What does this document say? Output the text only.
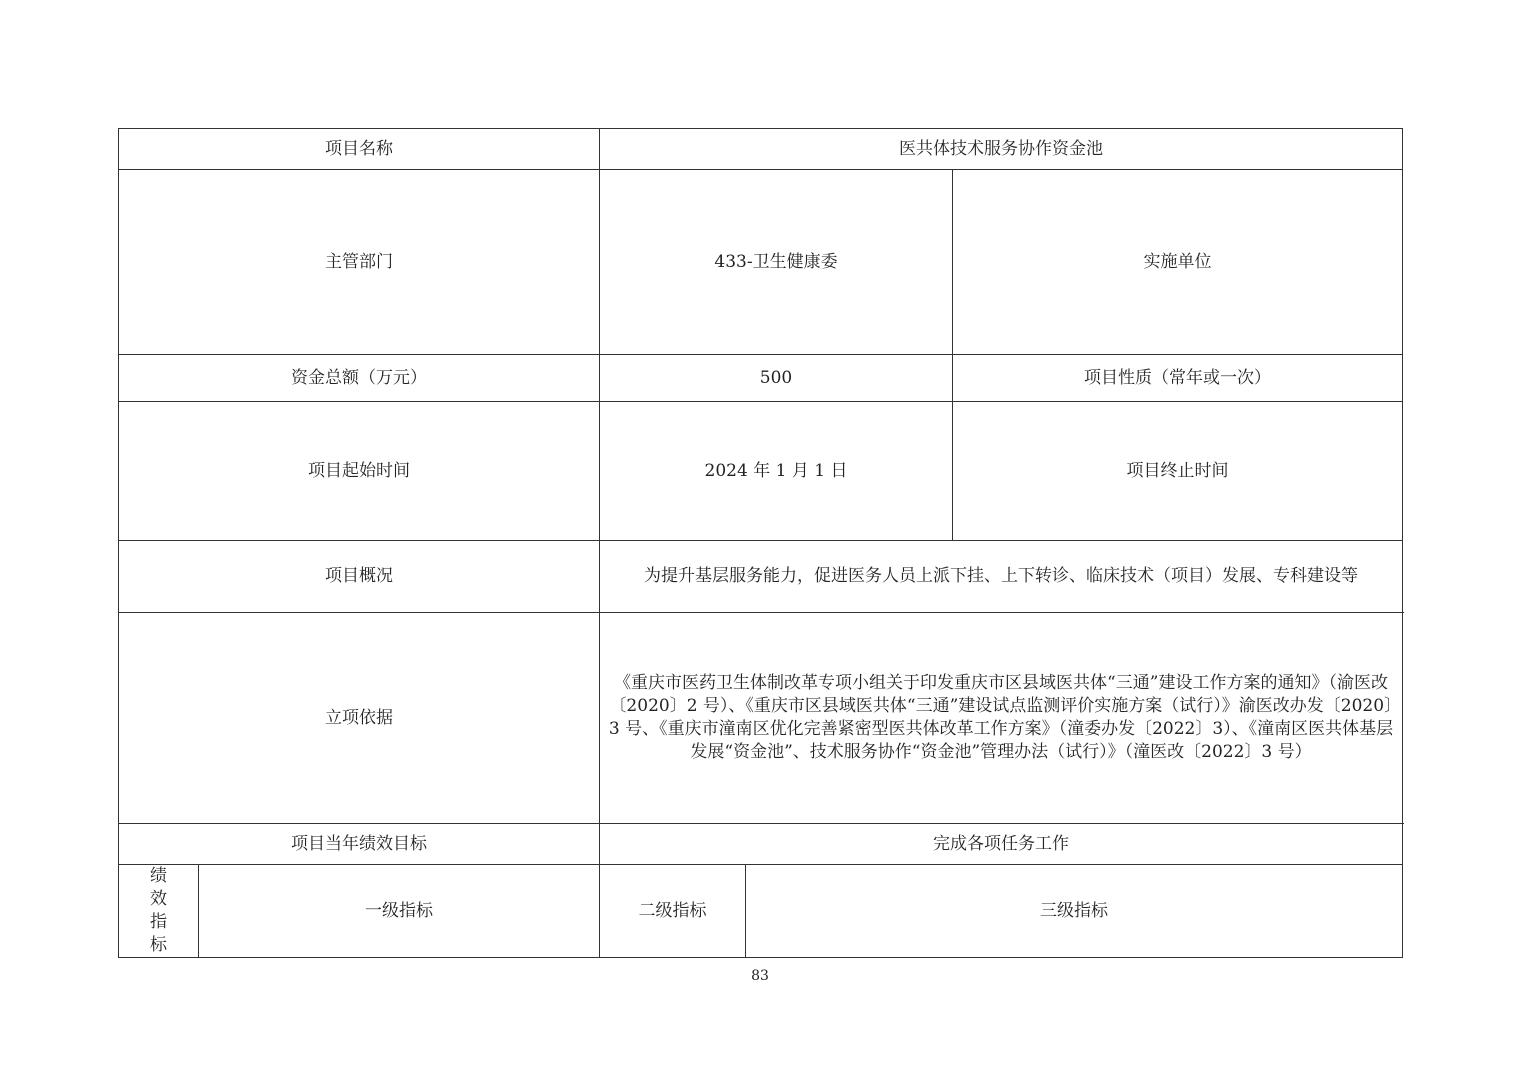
项目名称		医共体技术服务协作资金池			
主管部门		433-卫生健康委		实施单位	
资金总额（万元）		500		项目性质（常年或一次）	
项目起始时间		2024 年 1 月 1 日		项目终止时间	
项目概况		为提升基层服务能力，促进医务人员上派下挂、上下转诊、临床技术（项目）发展、专科建设等			
立项依据		《重庆市医药卫生体制改革专项小组关于印发重庆市区县域医共体“三通”建设工作方案的通知》（渝医改〔2020〕2 号）、《重庆市区县域医共体“三通”建设试点监测评价实施方案（试行）》渝医改办发〔2020〕3 号、《重庆市潼南区优化完善紧密型医共体改革工作方案》（潼委办发〔2022〕3）、《潼南区医共体基层发展“资金池”、技术服务协作“资金池”管理办法（试行）》（潼医改〔2022〕3 号）			
项目当年绩效目标		完成各项任务工作			

绩
效
指
标	一级指标	二级指标	三级指标	
83
